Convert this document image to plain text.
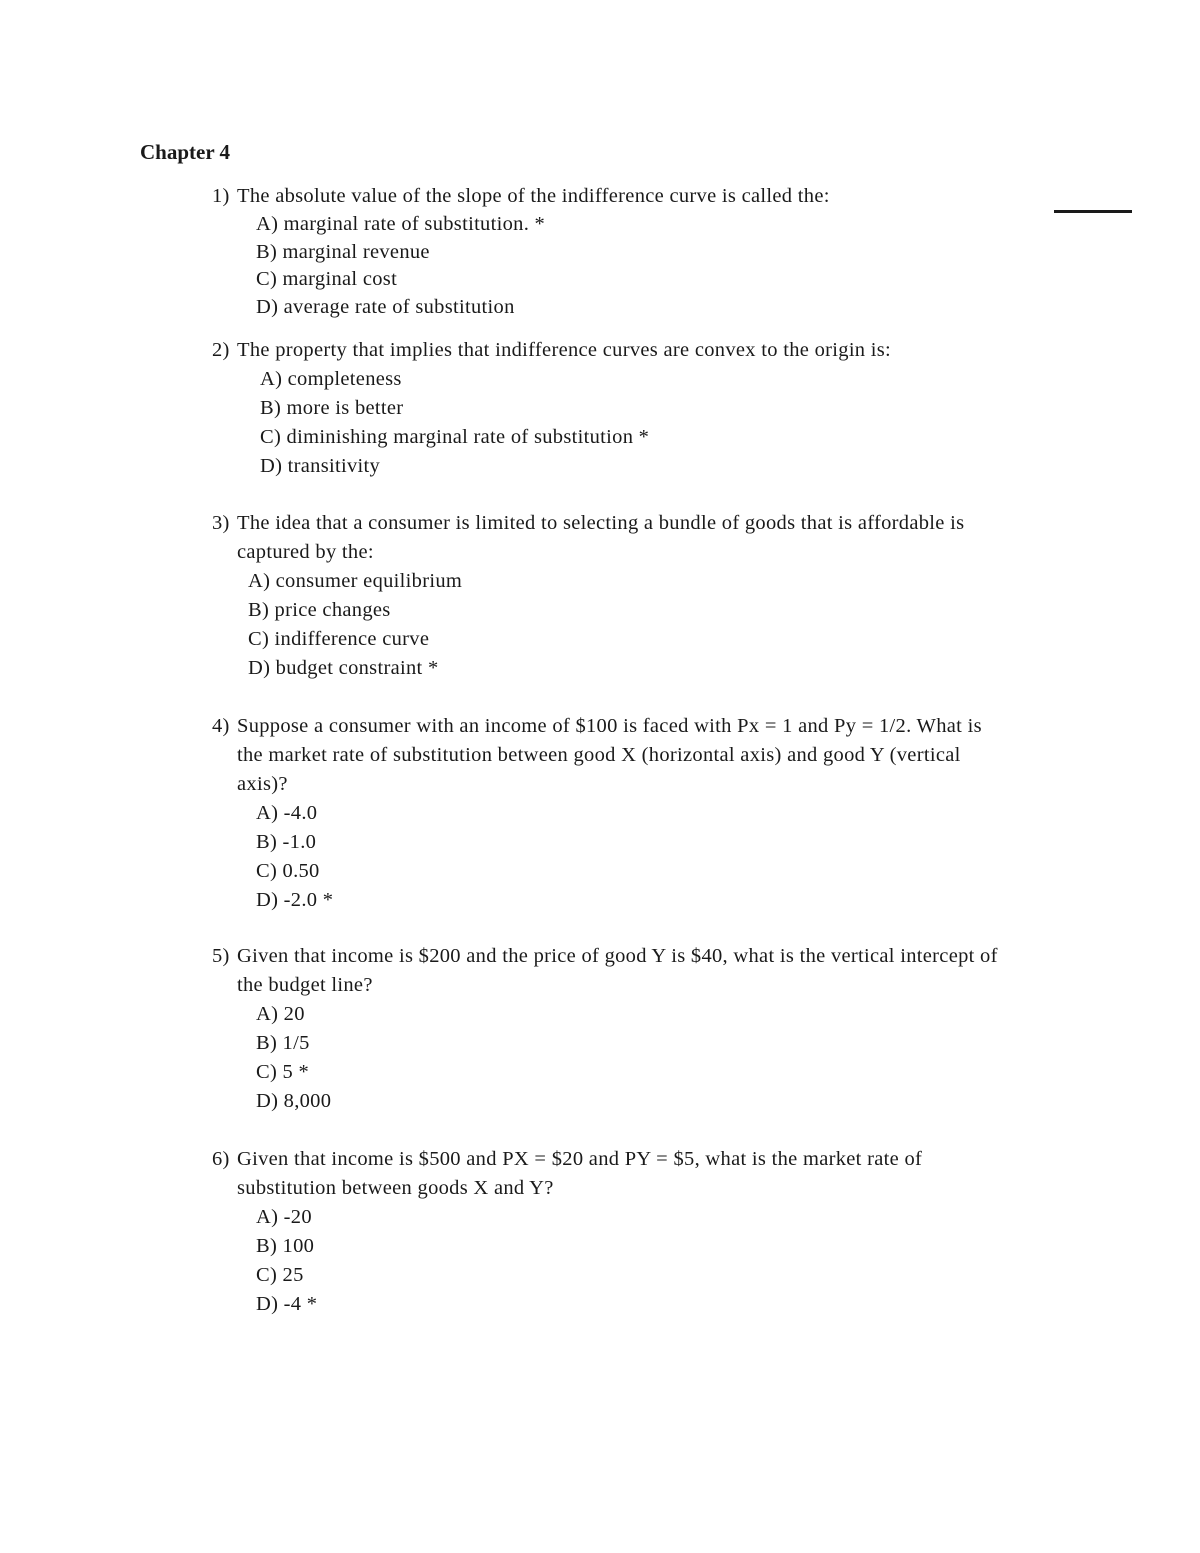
Chapter 4
1) The absolute value of the slope of the indifference curve is called the:
A) marginal rate of substitution. *
B) marginal revenue
C) marginal cost
D) average rate of substitution
2) The property that implies that indifference curves are convex to the origin is:
A) completeness
B) more is better
C) diminishing marginal rate of substitution *
D) transitivity
3) The idea that a consumer is limited to selecting a bundle of goods that is affordable is captured by the:
A) consumer equilibrium
B) price changes
C) indifference curve
D) budget constraint *
4) Suppose a consumer with an income of $100 is faced with Px = 1 and Py = 1/2. What is the market rate of substitution between good X (horizontal axis) and good Y (vertical axis)?
A) -4.0
B) -1.0
C) 0.50
D) -2.0 *
5) Given that income is $200 and the price of good Y is $40, what is the vertical intercept of the budget line?
A) 20
B) 1/5
C) 5 *
D) 8,000
6) Given that income is $500 and PX = $20 and PY = $5, what is the market rate of substitution between goods X and Y?
A) -20
B) 100
C) 25
D) -4 *
